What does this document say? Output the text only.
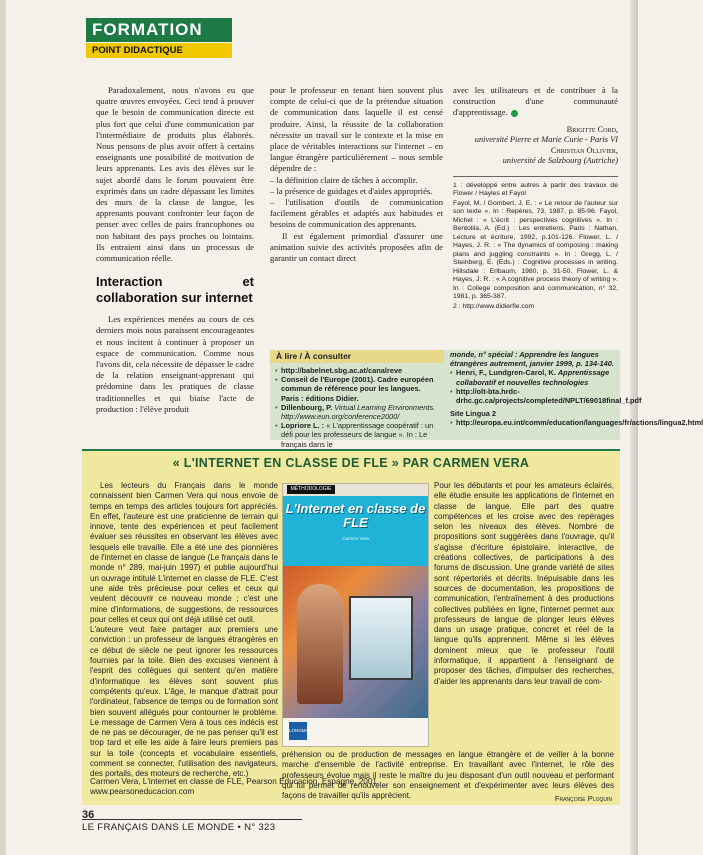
FORMATION
POINT DIDACTIQUE

Paradoxalement, nous n'avons eu que quatre œuvres envoyées. Ceci tend à prouver que le besoin de communication directe est plus fort que celui d'une communication par l'intermédiaire de produits plus élaborés. Nous pensons de plus avoir offert à certains enseignants une possibilité de motivation de leurs apprenants. Les avis des élèves sur le sujet abordé dans le forum pouvaient être exprimés dans un cadre dépassant les limites des murs de la classe de langue, les apprenants pouvant confronter leur façon de penser avec celles de pairs francophones ou non habitant des pays proches ou lointains. Ils entraient ainsi dans un processus de communication réelle.

Interaction et collaboration sur internet

Les expériences menées au cours de ces derniers mois nous paraissent encourageantes et nous incitent à continuer à proposer un espace de communication. Comme nous l'avons dit, cela nécessite de dépasser le cadre de la relation enseignant-apprenant qui prédomine dans les pratiques de classe traditionnelles et qui biaise l'acte de production : l'élève produit

pour le professeur en tenant bien souvent plus compte de celui-ci que de la prétendue situation de communication dans laquelle il est censé produire. Ainsi, la réussite de la collaboration nécessite un travail sur le contexte et la mise en place de véritables interactions sur l'internet – en langue étrangère particulièrement – nous semble dépendre de :

– la définition claire de tâches à accomplir.

– la présence de guidages et d'aides appropriés.

– l'utilisation d'outils de communication facilement gérables et adaptés aux habitudes et besoins de communication des apprenants.

Il est également primordial d'assurer une animation suivie des activités proposées afin de garantir un contact direct

avec les utilisateurs et de contribuer à la construction d'une communauté d'apprentissage.

Brigitte Cord,
université Pierre et Marie Curie - Paris VI
Christian Ollivier,
université de Salzbourg (Autriche)
1 : développé entre autres à partir des travaux de Flower / Hayles et Fayol
Fayol, M. / Gombert, J. E. : « Le retour de l'auteur sur son texte ». In : Repères, 73, 1987, p. 85-96. Fayol, Michel : « L'écrit : perspectives cognitives ». In : Bentolila, A. (Ed.) : Les entretiens. Paris : Nathan, Lecture et écriture, 1992, p.101-126. Flower, L. / Hayes, J. R. : « The dynamics of composing : making plans and juggling constraints ». In : Gregg, L. / Steinberg, E. (Eds.) : Cognitive processes in writing. Hillsdale : Erlbaum, 1980, p. 31-50. Flower, L. & Hayes, J. R. : « A cognitive process theory of writing ». In : College composition and communication, n° 32, 1981, p. 365-387.
2 : http://www.didierfle.com
À lire / À consulter
• http://babelnet.sbg.ac.at/canalreve
• Conseil de l'Europe (2001). Cadre européen commun de référence pour les langues. Paris : éditions Didier.
• Dillenbourg, P. Virtual Learning Environments. http://www.eun.org/conference2000/
• Lopriore L. : « L'apprentissage coopératif : un défi pour les professeurs de langue ». In : Le français dans le
monde, n° spécial : Apprendre les langues étrangères autrement, janvier 1999, p. 134-140.
• Henri, F., Lundgren-Carol, K. Apprentissage collaboratif et nouvelles technologies
• http://olt-bta.hrdc-drhc.gc.ca/projects/completed/NPLT/69018final_f.pdf
Site Lingua 2
• http://europa.eu.int/comm/education/languages/fr/actions/lingua2.html
« L'INTERNET EN CLASSE DE FLE » PAR CARMEN VERA

Les lecteurs du Français dans le monde connaissent bien Carmen Vera qui nous envoie de temps en temps des articles toujours fort appréciés. En effet, l'auteure est une praticienne de terrain qui innove, tente des expériences et peut facilement évaluer ses réussites en observant les élèves avec lesquels elle travaille. Elle a été une des pionnières de l'internet en classe de langue (Le français dans le monde n° 289, mai-juin 1997) et publie aujourd'hui un ouvrage intitulé L'internet en classe de FLE. C'est une aide très précieuse pour celles et ceux qui veulent découvrir ce nouveau monde ; c'est une mine d'informations, de suggestions, de ressources pour celles et ceux qui ont déjà utilisé cet outil.

L'auteure veut faire partager aux premiers une conviction : un professeur de langues étrangères en ce début de siècle ne peut ignorer les ressources fournies par la toile. Bien des excuses viennent à l'esprit des collègues qui sentent qu'en matière d'informatique les élèves sont souvent plus compétents qu'eux. L'âge, le manque d'attrait pour l'ordinateur, l'absence de temps ou de formation sont bien souvent allégués pour contourner le problème. Le message de Carmen Vera à tous ces indécis est de ne pas se décourager, de ne pas penser qu'il est trop tard et elle les aide à faire leurs premiers pas sur la toile (concepts et vocabulaire essentiels, comment se connecter, l'utilisation des navigateurs, des portails, des moteurs de recherche, etc.)

MÉTHODOLOGIE
L'Internet en classe de FLE
Carmen Vera
LONGMAN

Pour les débutants et pour les amateurs éclairés, elle étudie ensuite les applications de l'internet en classe de langue. Elle part des quatre compétences et les croise avec des repérages selon les niveaux des élèves. Nombre de propositions sont suggérées dans l'ouvrage, qu'il s'agisse d'écriture épistolaire, interactive, de créations collectives, de participations à des forums de discussion. Une grande variété de sites sont répertoriés et décrits. Inépuisable dans les sources de documentation, les propositions de communication, l'entraînement à des productions collectives publiées en ligne, l'internet permet aux professeurs de langue de plonger leurs élèves dans un usage pratique, concret et réel de la langue qu'ils apprennent. Même si les élèves dominent mieux que le professeur l'outil informatique, il appartient à l'enseignant de proposer des tâches, d'impulser des recherches, d'aider les apprenants dans leur travail de com-

préhension ou de production de messages en langue étrangère et de veiller à la bonne marche d'ensemble de l'activité entreprise. En travaillant avec l'internet, le rôle des professeurs évolue mais il reste le maître du jeu disposant d'un outil nouveau et performant qui lui permet de renouveler son enseignement et d'expérimenter avec leurs élèves des façons de travailler qu'ils apprécient.

Carmen Vera, L'internet en classe de FLE, Pearson Educacion, Espagne, 2001. www.pearsoneducacion.com
Françoise Ploquin
36
LE FRANÇAIS DANS LE MONDE • N° 323
